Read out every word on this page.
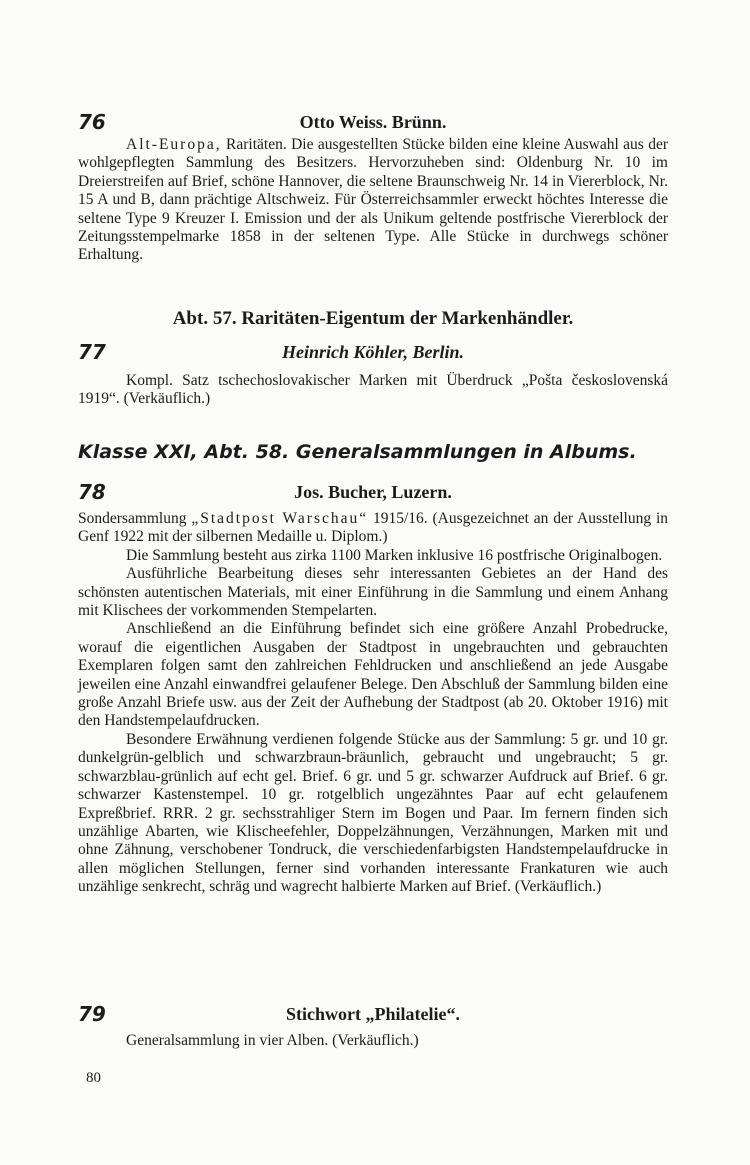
76	Otto Weiss. Brünn.

Alt-Europa, Raritäten. Die ausgestellten Stücke bilden eine kleine Auswahl aus der wohlgepflegten Sammlung des Besitzers. Hervorzuheben sind: Oldenburg Nr. 10 im Dreierstreifen auf Brief, schöne Hannover, die seltene Braunschweig Nr. 14 in Viererblock, Nr. 15 A und B, dann prächtige Altschweiz. Für Österreichsammler erweckt höchtes Interesse die seltene Type 9 Kreuzer I. Emission und der als Unikum geltende postfrische Viererblock der Zeitungsstempelmarke 1858 in der seltenen Type. Alle Stücke in durchwegs schöner Erhaltung.

Abt. 57. Raritäten-Eigentum der Markenhändler.
77	Heinrich Köhler, Berlin.

Kompl. Satz tschechoslovakischer Marken mit Überdruck „Pošta československá 1919“. (Verkäuflich.)

Klasse XXI, Abt. 58. Generalsammlungen in Albums.
78	Jos. Bucher, Luzern.

Sondersammlung „Stadtpost Warschau“ 1915/16. (Ausgezeichnet an der Ausstellung in Genf 1922 mit der silbernen Medaille u. Diplom.)

Die Sammlung besteht aus zirka 1100 Marken inklusive 16 postfrische Originalbogen.

Ausführliche Bearbeitung dieses sehr interessanten Gebietes an der Hand des schönsten autentischen Materials, mit einer Einführung in die Sammlung und einem Anhang mit Klischees der vorkommenden Stempelarten.

Anschließend an die Einführung befindet sich eine größere Anzahl Probedrucke, worauf die eigentlichen Ausgaben der Stadtpost in ungebrauchten und gebrauchten Exemplaren folgen samt den zahlreichen Fehldrucken und anschließend an jede Ausgabe jeweilen eine Anzahl einwandfrei gelaufener Belege. Den Abschluß der Sammlung bilden eine große Anzahl Briefe usw. aus der Zeit der Aufhebung der Stadtpost (ab 20. Oktober 1916) mit den Handstempelaufdrucken.

Besondere Erwähnung verdienen folgende Stücke aus der Sammlung: 5 gr. und 10 gr. dunkelgrün-gelblich und schwarzbraun-bräunlich, gebraucht und ungebraucht; 5 gr. schwarzblau-grünlich auf echt gel. Brief. 6 gr. und 5 gr. schwarzer Aufdruck auf Brief. 6 gr. schwarzer Kastenstempel. 10 gr. rotgelblich ungezähntes Paar auf echt gelaufenem Expreßbrief. RRR. 2 gr. sechsstrahliger Stern im Bogen und Paar. Im fernern finden sich unzählige Abarten, wie Klischeefehler, Doppelzähnungen, Verzähnungen, Marken mit und ohne Zähnung, verschobener Tondruck, die verschiedenfarbigsten Handstempelaufdrucke in allen möglichen Stellungen, ferner sind vorhanden interessante Frankaturen wie auch unzählige senkrecht, schräg und wagrecht halbierte Marken auf Brief. (Verkäuflich.)

79	Stichwort „Philatelie“.

Generalsammlung in vier Alben. (Verkäuflich.)

80
